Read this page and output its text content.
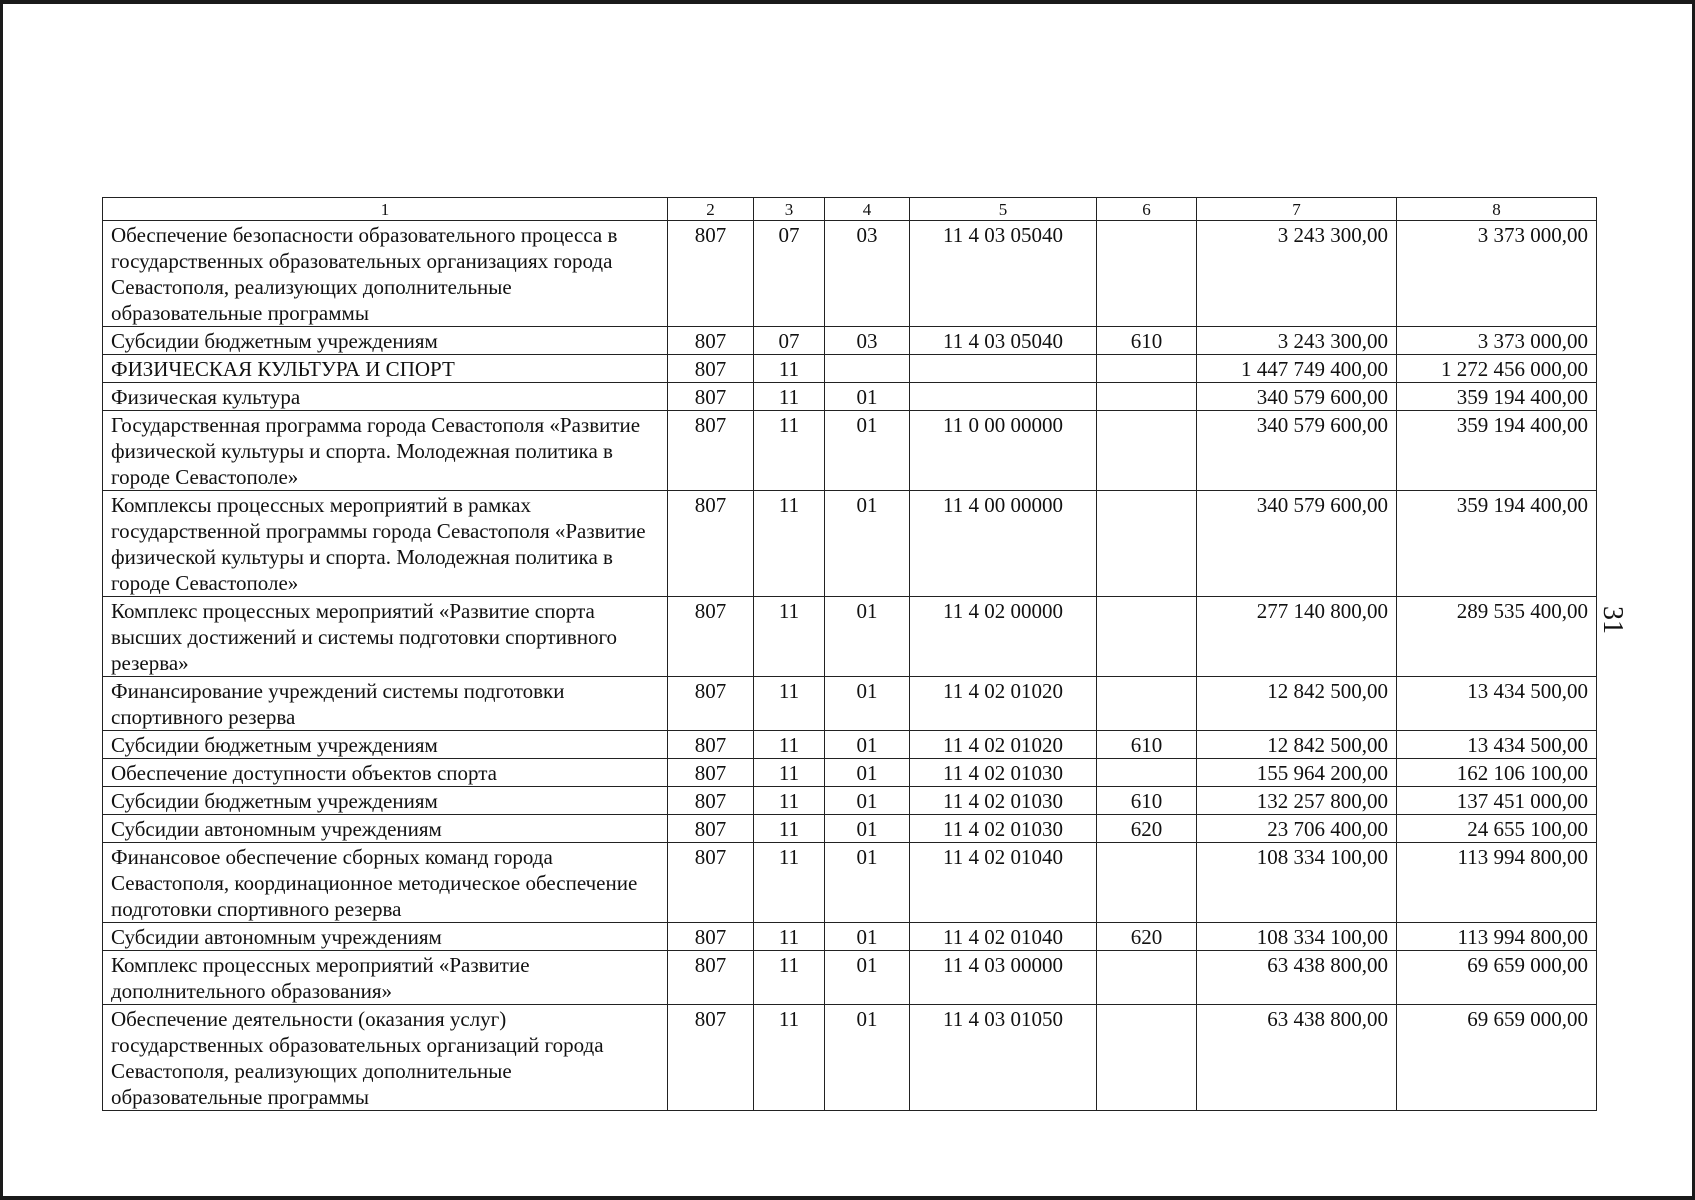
1	2	3	4	5	6	7	8
Обеспечение безопасности образовательного процесса в государственных образовательных организациях города Севастополя, реализующих дополнительные образовательные программы	807	07	03	11 4 03 05040		3 243 300,00	3 373 000,00
Субсидии бюджетным учреждениям	807	07	03	11 4 03 05040	610	3 243 300,00	3 373 000,00
ФИЗИЧЕСКАЯ КУЛЬТУРА И СПОРТ	807	11				1 447 749 400,00	1 272 456 000,00
Физическая культура	807	11	01			340 579 600,00	359 194 400,00
Государственная программа города Севастополя «Развитие физической культуры и спорта. Молодежная политика в городе Севастополе»	807	11	01	11 0 00 00000		340 579 600,00	359 194 400,00
Комплексы процессных мероприятий в рамках государственной программы города Севастополя «Развитие физической культуры и спорта. Молодежная политика в городе Севастополе»	807	11	01	11 4 00 00000		340 579 600,00	359 194 400,00
Комплекс процессных мероприятий «Развитие спорта высших достижений и системы подготовки спортивного резерва»	807	11	01	11 4 02 00000		277 140 800,00	289 535 400,00
Финансирование учреждений системы подготовки спортивного резерва	807	11	01	11 4 02 01020		12 842 500,00	13 434 500,00
Субсидии бюджетным учреждениям	807	11	01	11 4 02 01020	610	12 842 500,00	13 434 500,00
Обеспечение доступности объектов спорта	807	11	01	11 4 02 01030		155 964 200,00	162 106 100,00
Субсидии бюджетным учреждениям	807	11	01	11 4 02 01030	610	132 257 800,00	137 451 000,00
Субсидии автономным учреждениям	807	11	01	11 4 02 01030	620	23 706 400,00	24 655 100,00
Финансовое обеспечение сборных команд города Севастополя, координационное методическое обеспечение подготовки спортивного резерва	807	11	01	11 4 02 01040		108 334 100,00	113 994 800,00
Субсидии автономным учреждениям	807	11	01	11 4 02 01040	620	108 334 100,00	113 994 800,00
Комплекс процессных мероприятий «Развитие дополнительного образования»	807	11	01	11 4 03 00000		63 438 800,00	69 659 000,00
Обеспечение деятельности (оказания услуг) государственных образовательных организаций города Севастополя, реализующих дополнительные образовательные программы	807	11	01	11 4 03 01050		63 438 800,00	69 659 000,00
31
